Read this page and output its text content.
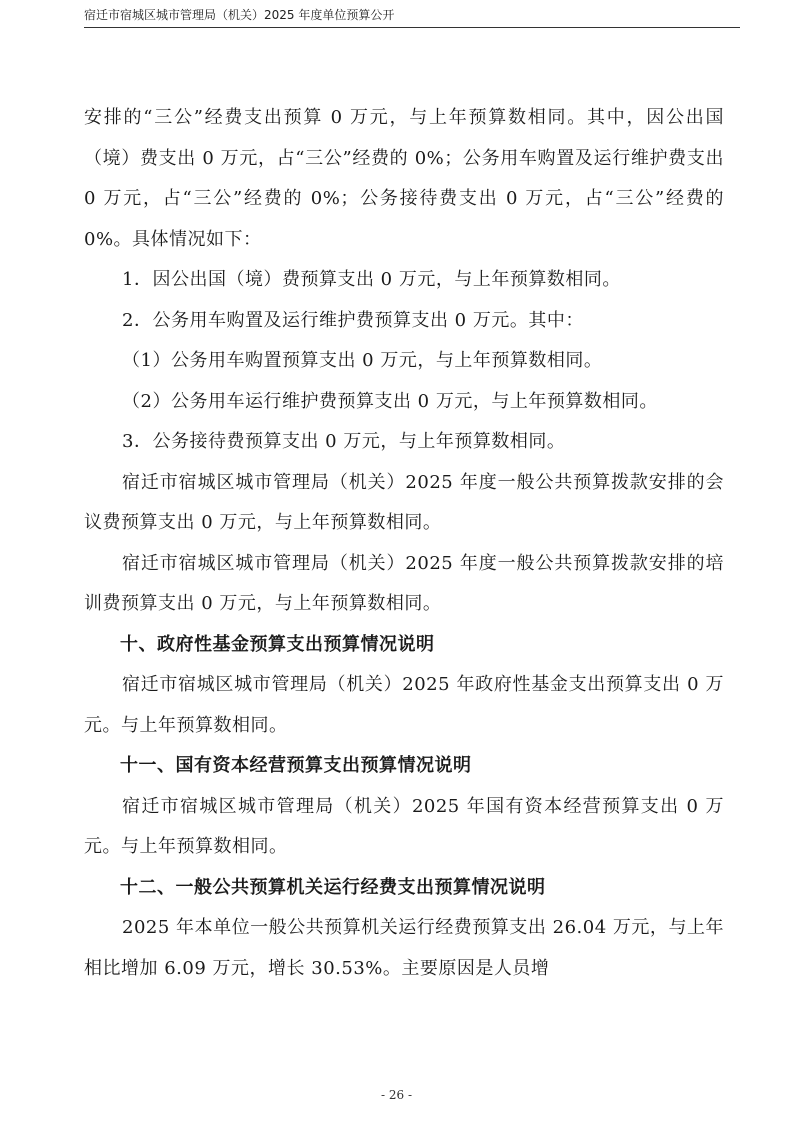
宿迁市宿城区城市管理局（机关）2025 年度单位预算公开

安排的“三公”经费支出预算 0 万元，与上年预算数相同。其中，因公出国（境）费支出 0 万元，占“三公”经费的 0%；公务用车购置及运行维护费支出 0 万元，占“三公”经费的 0%；公务接待费支出 0 万元，占“三公”经费的 0%。具体情况如下：

1．因公出国（境）费预算支出 0 万元，与上年预算数相同。

2．公务用车购置及运行维护费预算支出 0 万元。其中：

（1）公务用车购置预算支出 0 万元，与上年预算数相同。

（2）公务用车运行维护费预算支出 0 万元，与上年预算数相同。

3．公务接待费预算支出 0 万元，与上年预算数相同。

宿迁市宿城区城市管理局（机关）2025 年度一般公共预算拨款安排的会议费预算支出 0 万元，与上年预算数相同。

宿迁市宿城区城市管理局（机关）2025 年度一般公共预算拨款安排的培训费预算支出 0 万元，与上年预算数相同。

十、政府性基金预算支出预算情况说明

宿迁市宿城区城市管理局（机关）2025 年政府性基金支出预算支出 0 万元。与上年预算数相同。

十一、国有资本经营预算支出预算情况说明

宿迁市宿城区城市管理局（机关）2025 年国有资本经营预算支出 0 万元。与上年预算数相同。

十二、一般公共预算机关运行经费支出预算情况说明

2025 年本单位一般公共预算机关运行经费预算支出 26.04 万元，与上年相比增加 6.09 万元，增长 30.53%。主要原因是人员增

- 26 -
